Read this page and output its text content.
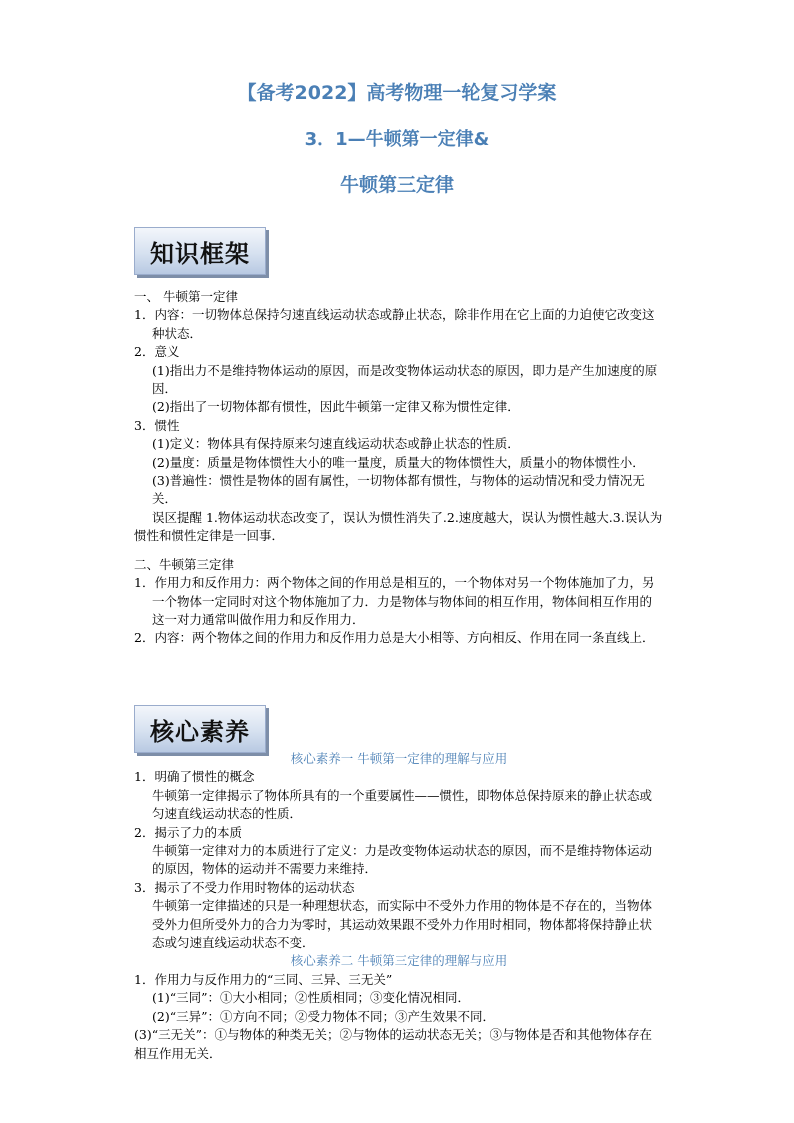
【备考2022】高考物理一轮复习学案
3．1—牛顿第一定律&
牛顿第三定律
知识框架

一、 牛顿第一定律

1．内容：一切物体总保持匀速直线运动状态或静止状态，除非作用在它上面的力迫使它改变这种状态．

2．意义

(1)指出力不是维持物体运动的原因，而是改变物体运动状态的原因，即力是产生加速度的原因．

(2)指出了一切物体都有惯性，因此牛顿第一定律又称为惯性定律．

3．惯性

(1)定义：物体具有保持原来匀速直线运动状态或静止状态的性质．

(2)量度：质量是物体惯性大小的唯一量度，质量大的物体惯性大，质量小的物体惯性小．

(3)普遍性：惯性是物体的固有属性，一切物体都有惯性，与物体的运动情况和受力情况无关．

误区提醒 1.物体运动状态改变了，误认为惯性消失了.2.速度越大，误认为惯性越大.3.误认为惯性和惯性定律是一回事．

二、牛顿第三定律

1．作用力和反作用力：两个物体之间的作用总是相互的，一个物体对另一个物体施加了力，另一个物体一定同时对这个物体施加了力．力是物体与物体间的相互作用，物体间相互作用的这一对力通常叫做作用力和反作用力．

2．内容：两个物体之间的作用力和反作用力总是大小相等、方向相反、作用在同一条直线上．

核心素养

核心素养一 牛顿第一定律的理解与应用

1．明确了惯性的概念

牛顿第一定律揭示了物体所具有的一个重要属性——惯性，即物体总保持原来的静止状态或匀速直线运动状态的性质．

2．揭示了力的本质

牛顿第一定律对力的本质进行了定义：力是改变物体运动状态的原因，而不是维持物体运动的原因，物体的运动并不需要力来维持．

3．揭示了不受力作用时物体的运动状态

牛顿第一定律描述的只是一种理想状态，而实际中不受外力作用的物体是不存在的，当物体受外力但所受外力的合力为零时，其运动效果跟不受外力作用时相同，物体都将保持静止状态或匀速直线运动状态不变．

核心素养二 牛顿第三定律的理解与应用

1．作用力与反作用力的“三同、三异、三无关”

(1)“三同”：①大小相同；②性质相同；③变化情况相同．

(2)“三异”：①方向不同；②受力物体不同；③产生效果不同．

(3)“三无关”：①与物体的种类无关；②与物体的运动状态无关；③与物体是否和其他物体存在相互作用无关．
